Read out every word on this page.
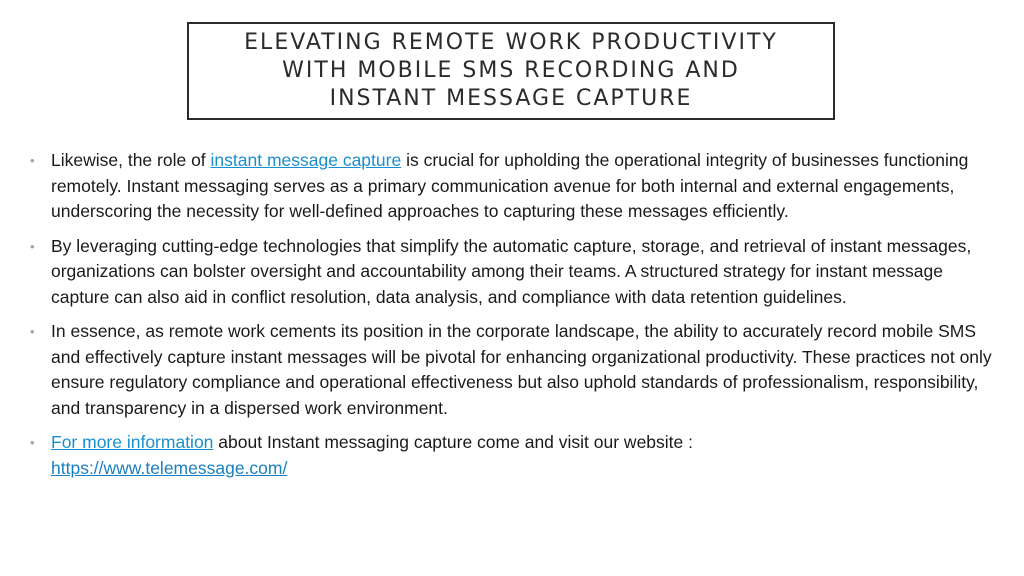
ELEVATING REMOTE WORK PRODUCTIVITY
WITH MOBILE SMS RECORDING AND
INSTANT MESSAGE CAPTURE
• Likewise, the role of instant message capture is crucial for upholding the operational integrity of businesses functioning remotely. Instant messaging serves as a primary communication avenue for both internal and external engagements, underscoring the necessity for well-defined approaches to capturing these messages efficiently.
• By leveraging cutting-edge technologies that simplify the automatic capture, storage, and retrieval of instant messages, organizations can bolster oversight and accountability among their teams. A structured strategy for instant message capture can also aid in conflict resolution, data analysis, and compliance with data retention guidelines.
• In essence, as remote work cements its position in the corporate landscape, the ability to accurately record mobile SMS and effectively capture instant messages will be pivotal for enhancing organizational productivity. These practices not only ensure regulatory compliance and operational effectiveness but also uphold standards of professionalism, responsibility, and transparency in a dispersed work environment.
• For more information about Instant messaging capture come and visit our website :
https://www.telemessage.com/
